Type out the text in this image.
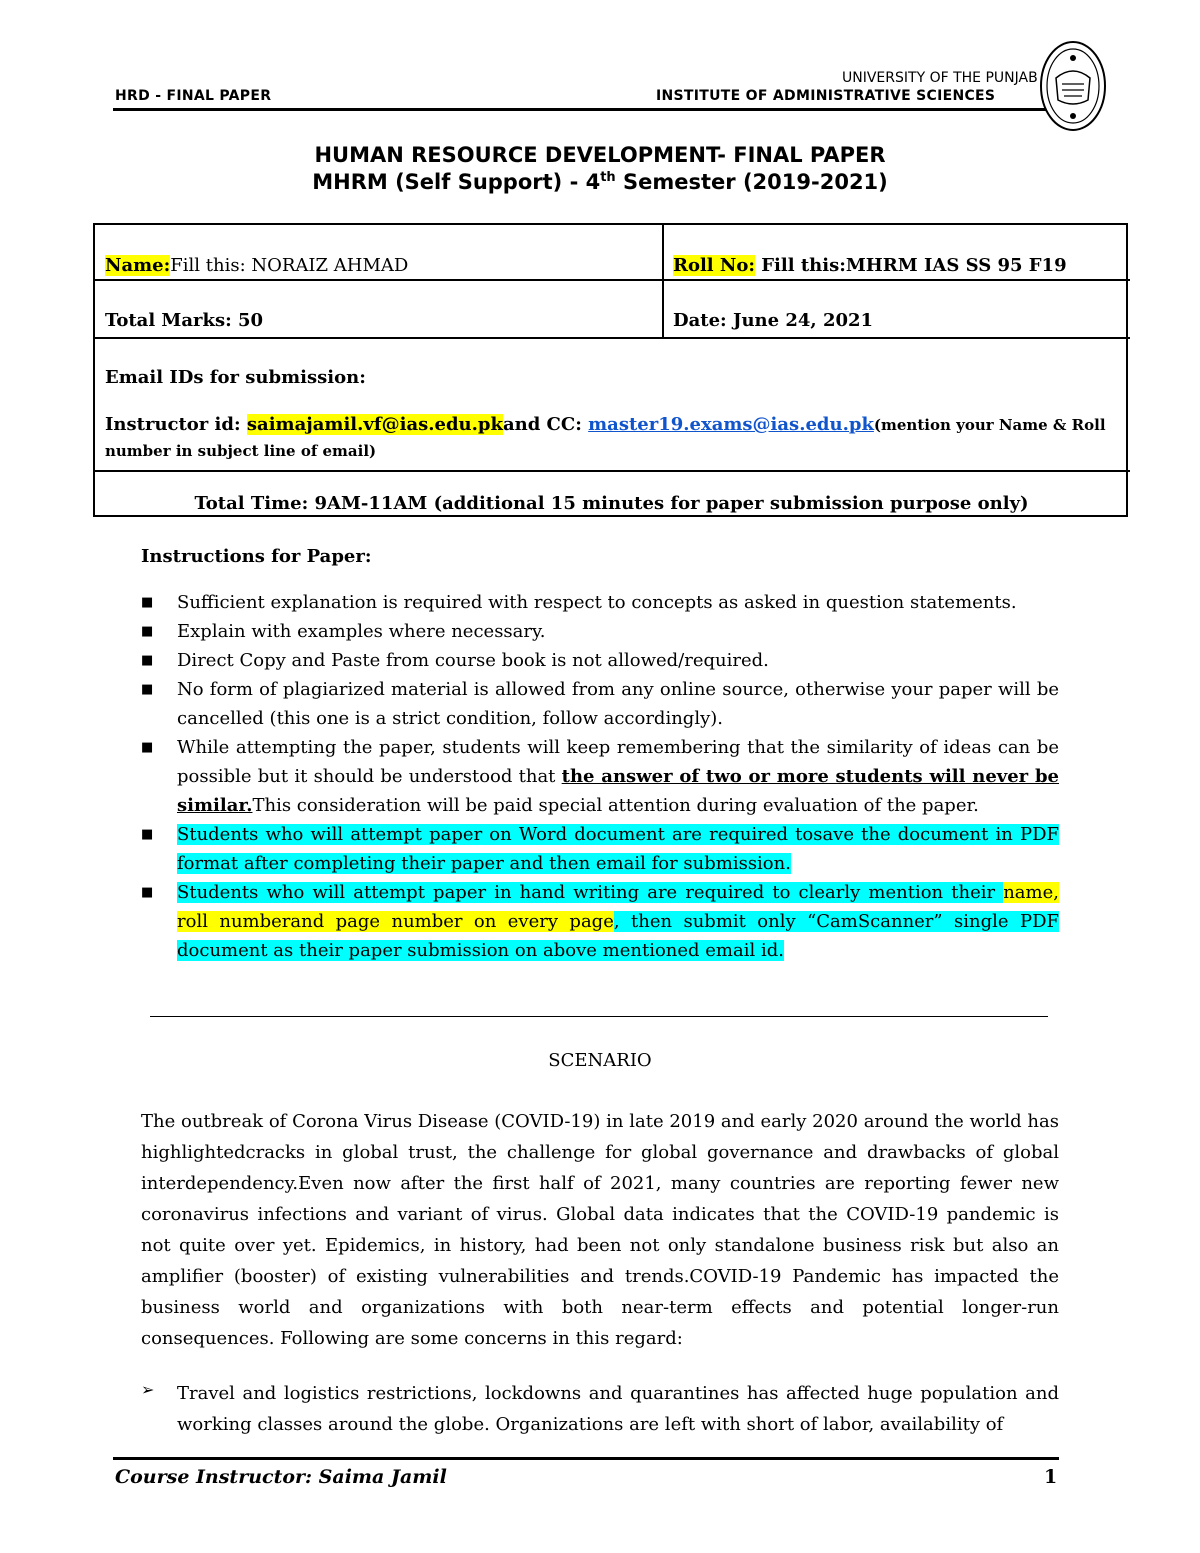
HRD - FINAL PAPER
UNIVERSITY OF THE PUNJAB
INSTITUTE OF ADMINISTRATIVE SCIENCES
HUMAN RESOURCE DEVELOPMENT- FINAL PAPER
MHRM (Self Support) - 4th Semester (2019-2021)
Name:Fill this: NORAIZ AHMAD	Roll No: Fill this:MHRM IAS SS 95 F19
Total Marks: 50	Date: June 24, 2021
Email IDs for submission:
Instructor id: saimajamil.vf@ias.edu.pkand CC: master19.exams@ias.edu.pk(mention your Name & Roll number in subject line of email)
Total Time: 9AM-11AM (additional 15 minutes for paper submission purpose only)
Instructions for Paper:
■ Sufficient explanation is required with respect to concepts as asked in question statements.
■ Explain with examples where necessary.
■ Direct Copy and Paste from course book is not allowed/required.
■ No form of plagiarized material is allowed from any online source, otherwise your paper will be cancelled (this one is a strict condition, follow accordingly).
■ While attempting the paper, students will keep remembering that the similarity of ideas can be possible but it should be understood that the answer of two or more students will never be similar.This consideration will be paid special attention during evaluation of the paper.
■ Students who will attempt paper on Word document are required tosave the document in PDF format after completing their paper and then email for submission.
■ Students who will attempt paper in hand writing are required to clearly mention their name, roll numberand page number on every page, then submit only “CamScanner” single PDF document as their paper submission on above mentioned email id.
SCENARIO
The outbreak of Corona Virus Disease (COVID-19) in late 2019 and early 2020 around the world has highlightedcracks in global trust, the challenge for global governance and drawbacks of global interdependency.Even now after the first half of 2021, many countries are reporting fewer new coronavirus infections and variant of virus. Global data indicates that the COVID-19 pandemic is not quite over yet. Epidemics, in history, had been not only standalone business risk but also an amplifier (booster) of existing vulnerabilities and trends.COVID-19 Pandemic has impacted the business world and organizations with both near-term effects and potential longer-run consequences. Following are some concerns in this regard:
➢	Travel and logistics restrictions, lockdowns and quarantines has affected huge population and working classes around the globe. Organizations are left with short of labor, availability of
Course Instructor: Saima Jamil	1
